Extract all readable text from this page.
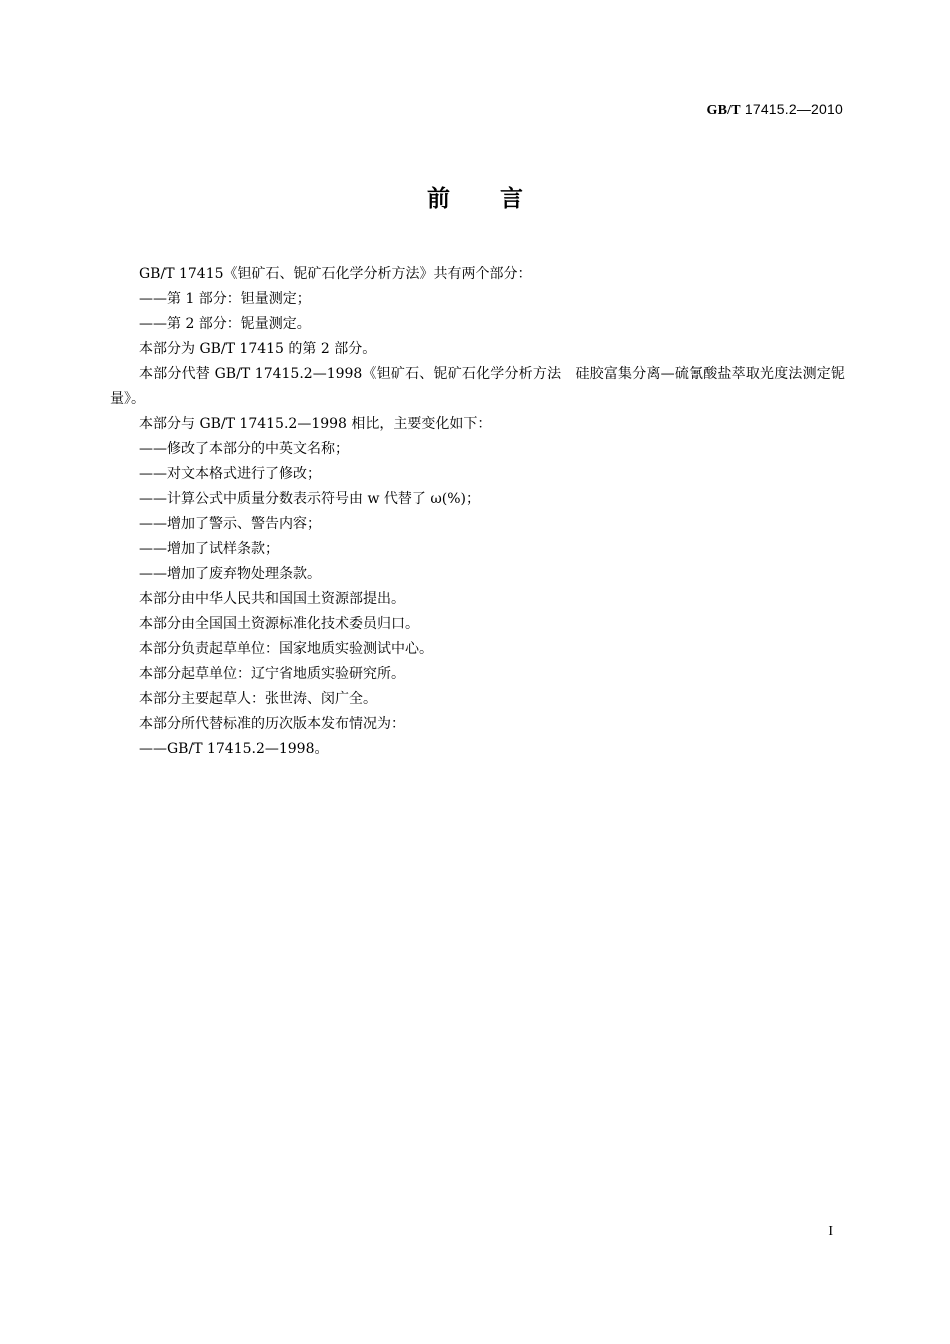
GB/T 17415.2—2010
前言

GB/T 17415《钽矿石、铌矿石化学分析方法》共有两个部分：

——第 1 部分：钽量测定；

——第 2 部分：铌量测定。

本部分为 GB/T 17415 的第 2 部分。

本部分代替 GB/T 17415.2—1998《钽矿石、铌矿石化学分析方法　硅胶富集分离—硫氰酸盐萃取光度法测定铌量》。

本部分与 GB/T 17415.2—1998 相比，主要变化如下：

——修改了本部分的中英文名称；

——对文本格式进行了修改；

——计算公式中质量分数表示符号由 w 代替了 ω(%)；

——增加了警示、警告内容；

——增加了试样条款；

——增加了废弃物处理条款。

本部分由中华人民共和国国土资源部提出。

本部分由全国国土资源标准化技术委员归口。

本部分负责起草单位：国家地质实验测试中心。

本部分起草单位：辽宁省地质实验研究所。

本部分主要起草人：张世涛、闵广全。

本部分所代替标准的历次版本发布情况为：

——GB/T 17415.2—1998。

I
